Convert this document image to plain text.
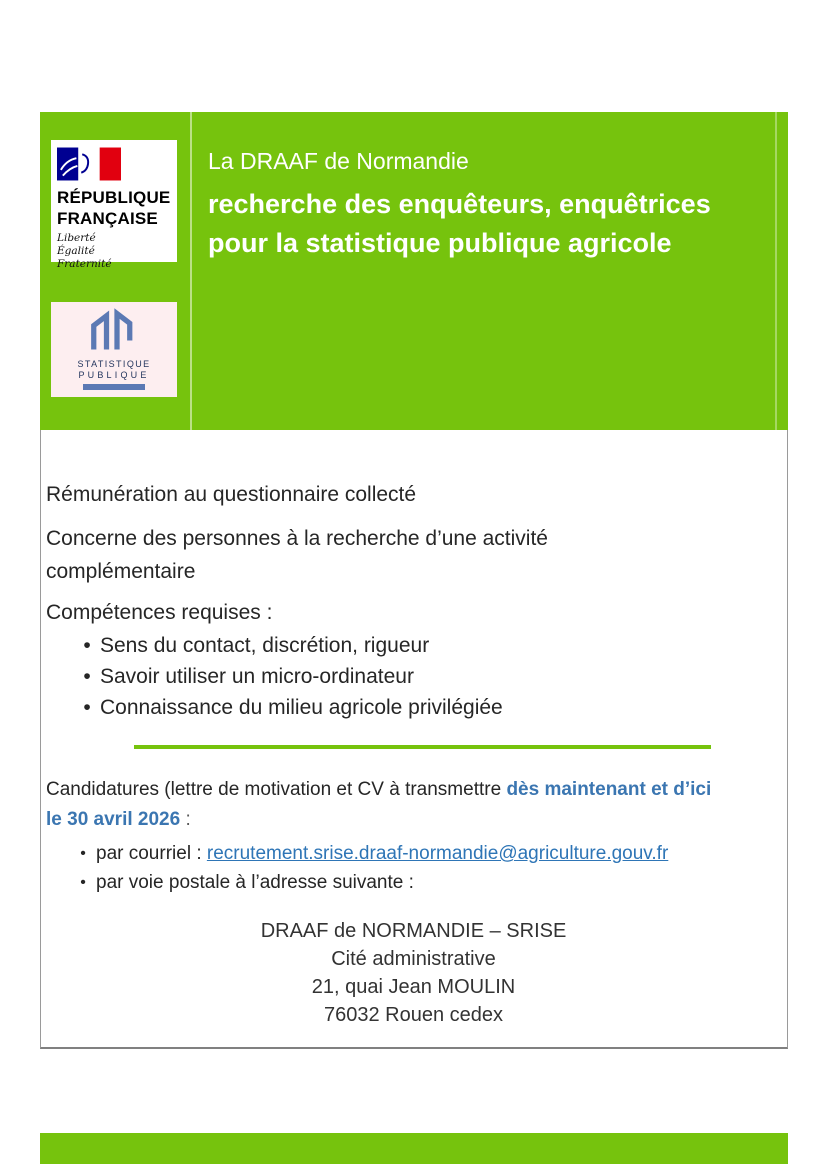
RÉPUBLIQUE
FRANÇAISE
Liberté
Égalité
Fraternité
STATISTIQUE
PUBLIQUE

La DRAAF de Normandie

recherche des enquêteurs, enquêtrices

pour la statistique publique agricole

Rémunération au questionnaire collecté

Concerne des personnes à la recherche d’une activité complémentaire

Compétences requises :

• Sens du contact, discrétion, rigueur
• Savoir utiliser un micro-ordinateur
• Connaissance du milieu agricole privilégiée

Candidatures (lettre de motivation et CV à transmettre dès maintenant et d’ici
le 30 avril 2026 :

• par courriel : recrutement.srise.draaf-normandie@agriculture.gouv.fr
• par voie postale à l’adresse suivante :
DRAAF de NORMANDIE – SRISE
Cité administrative
21, quai Jean MOULIN
76032 Rouen cedex
